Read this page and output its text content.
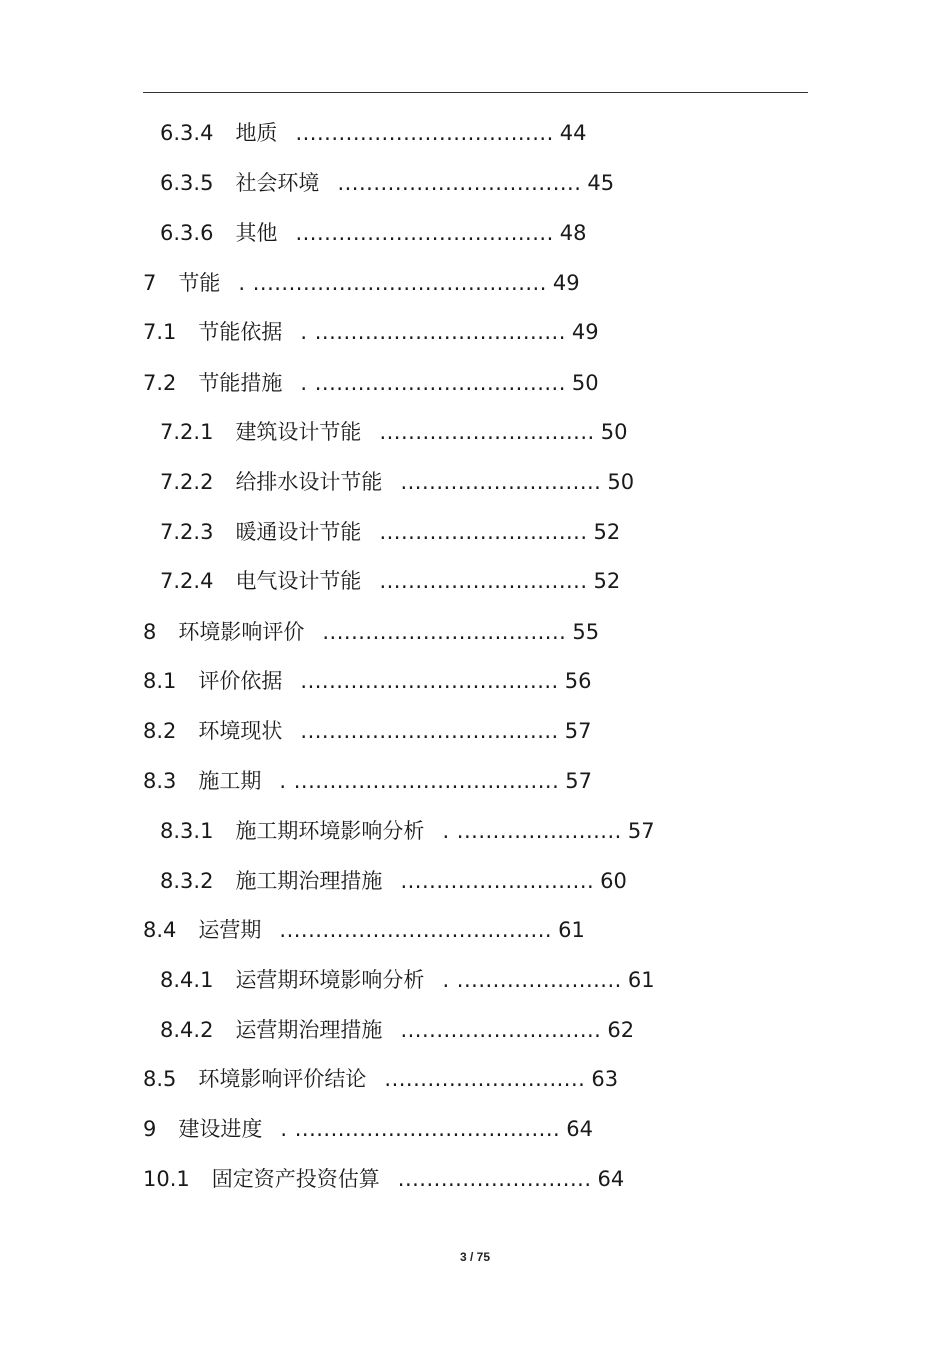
6.3.4 地质 .................................... 44
6.3.5 社会环境 .................................. 45
6.3.6 其他 .................................... 48
7 节能 . ......................................... 49
7.1 节能依据 . ................................... 49
7.2 节能措施 . ................................... 50
7.2.1 建筑设计节能 .............................. 50
7.2.2 给排水设计节能 ............................ 50
7.2.3 暖通设计节能 ............................. 52
7.2.4 电气设计节能 ............................. 52
8 环境影响评价 .................................. 55
8.1 评价依据 .................................... 56
8.2 环境现状 .................................... 57
8.3 施工期 . ..................................... 57
8.3.1 施工期环境影响分析 . ....................... 57
8.3.2 施工期治理措施 ........................... 60
8.4 运营期 ...................................... 61
8.4.1 运营期环境影响分析 . ....................... 61
8.4.2 运营期治理措施 ............................ 62
8.5 环境影响评价结论 ............................ 63
9 建设进度 . ..................................... 64
10.1 固定资产投资估算 ........................... 64
3 / 75
